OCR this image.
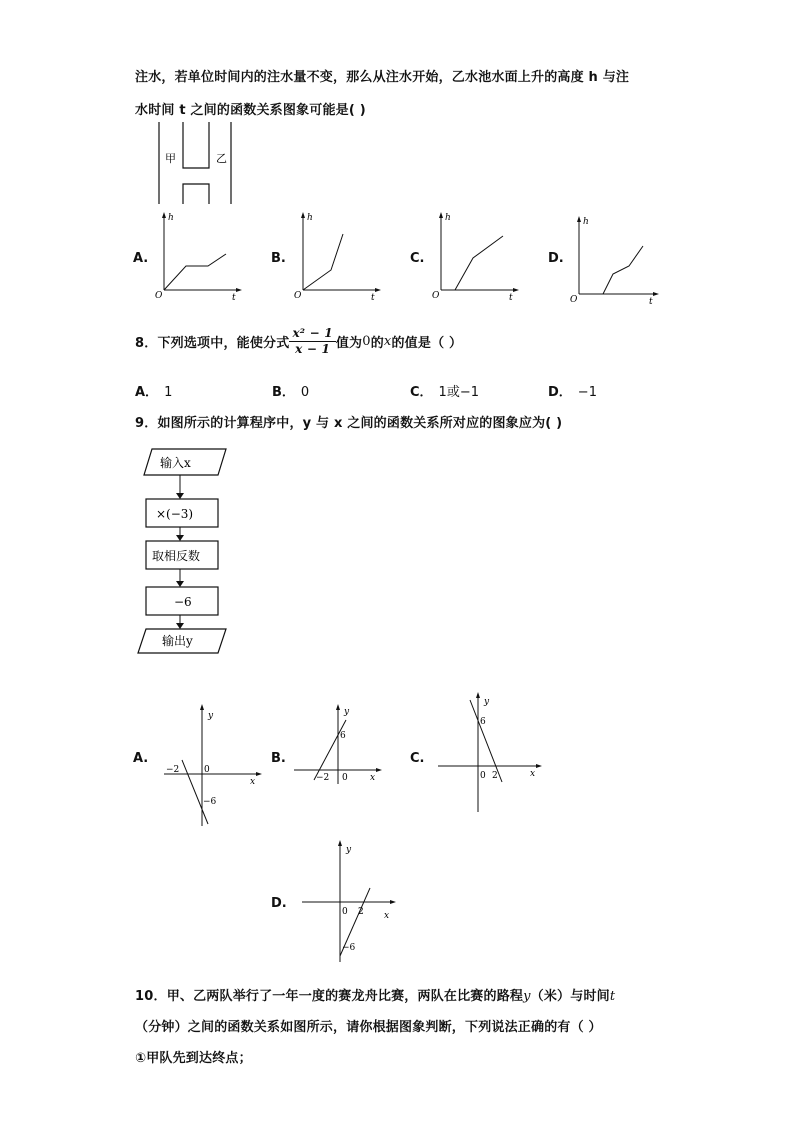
注水，若单位时间内的注水量不变，那么从注水开始，乙水池水面上升的高度 h 与注
水时间 t 之间的函数关系图象可能是( )
甲	乙
A.
h
t
O
B.
h
t
O
C.
h
t
O
D.
h
t
O
8．下列选项中，能使分式 $\frac{\text{x² − 1}}{x - 1}$ 值为 0 的 x 的值是（ ）
A． 1	B． 0	C． 1或−1	D． −1
9．如图所示的计算程序中，y 与 x 之间的函数关系所对应的图象应为( )
输入x
×(−3)
取相反数
−6
输出y
A.
y
x
−2	0
−6
B.
y
x
6
−2 0
C.
y
x
6
0 2
D.
y
x
0 2
−6
10．甲、乙两队举行了一年一度的赛龙舟比赛，两队在比赛的路程y（米）与时间t
（分钟）之间的函数关系如图所示，请你根据图象判断，下列说法正确的有（ ）
①甲队先到达终点；
